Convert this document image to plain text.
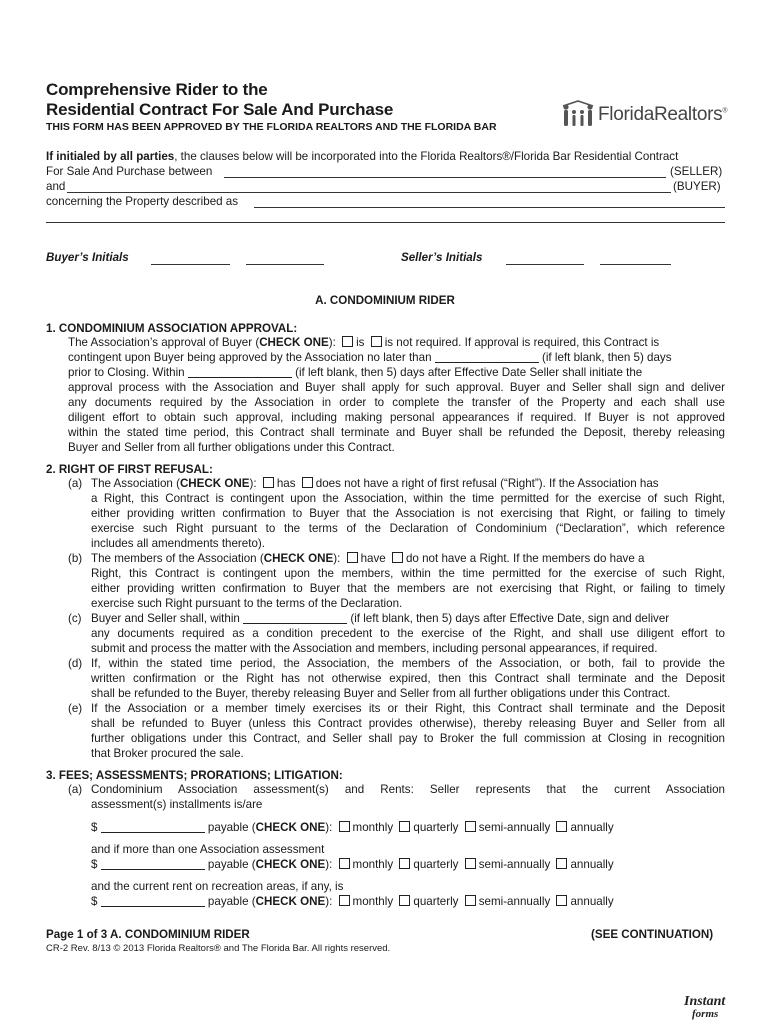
Comprehensive Rider to the
Residential Contract For Sale And Purchase
THIS FORM HAS BEEN APPROVED BY THE FLORIDA REALTORS AND THE FLORIDA BAR
FloridaRealtors®
If initialed by all parties, the clauses below will be incorporated into the Florida Realtors®/Florida Bar Residential Contract
For Sale And Purchase between	(SELLER)
and	(BUYER)
concerning the Property described as
Buyer’s Initials	Seller’s Initials
A. CONDOMINIUM RIDER
1. CONDOMINIUM ASSOCIATION APPROVAL:
The Association’s approval of Buyer (CHECK ONE): is is not required. If approval is required, this Contract is
contingent upon Buyer being approved by the Association no later than	(if left blank, then 5) days
prior to Closing. Within	(if left blank, then 5) days after Effective Date Seller shall initiate the
approval process with the Association and Buyer shall apply for such approval. Buyer and Seller shall sign and deliver
any documents required by the Association in order to complete the transfer of the Property and each shall use
diligent effort to obtain such approval, including making personal appearances if required. If Buyer is not approved
within the stated time period, this Contract shall terminate and Buyer shall be refunded the Deposit, thereby releasing
Buyer and Seller from all further obligations under this Contract.
2. RIGHT OF FIRST REFUSAL:
(a) The Association (CHECK ONE): has does not have a right of first refusal (“Right”). If the Association has
a Right, this Contract is contingent upon the Association, within the time permitted for the exercise of such Right,
either providing written confirmation to Buyer that the Association is not exercising that Right, or failing to timely
exercise such Right pursuant to the terms of the Declaration of Condominium (“Declaration”, which reference
includes all amendments thereto).
(b) The members of the Association (CHECK ONE): have do not have a Right. If the members do have a
Right, this Contract is contingent upon the members, within the time permitted for the exercise of such Right,
either providing written confirmation to Buyer that the members are not exercising that Right, or failing to timely
exercise such Right pursuant to the terms of the Declaration.
(c) Buyer and Seller shall, within	(if left blank, then 5) days after Effective Date, sign and deliver
any documents required as a condition precedent to the exercise of the Right, and shall use diligent effort to
submit and process the matter with the Association and members, including personal appearances, if required.
(d) If, within the stated time period, the Association, the members of the Association, or both, fail to provide the
written confirmation or the Right has not otherwise expired, then this Contract shall terminate and the Deposit
shall be refunded to the Buyer, thereby releasing Buyer and Seller from all further obligations under this Contract.
(e) If the Association or a member timely exercises its or their Right, this Contract shall terminate and the Deposit
shall be refunded to Buyer (unless this Contract provides otherwise), thereby releasing Buyer and Seller from all
further obligations under this Contract, and Seller shall pay to Broker the full commission at Closing in recognition
that Broker procured the sale.
3. FEES; ASSESSMENTS; PRORATIONS; LITIGATION:
(a) Condominium Association assessment(s) and Rents: Seller represents that the current Association
assessment(s) installments is/are
$	payable (CHECK ONE): monthly quarterly semi-annually annually
and if more than one Association assessment
$	payable (CHECK ONE): monthly quarterly semi-annually annually
and the current rent on recreation areas, if any, is
$	payable (CHECK ONE): monthly quarterly semi-annually annually
Page 1 of 3 A. CONDOMINIUM RIDER	(SEE CONTINUATION)
CR-2 Rev. 8/13 © 2013 Florida Realtors® and The Florida Bar. All rights reserved.
Instant
forms
